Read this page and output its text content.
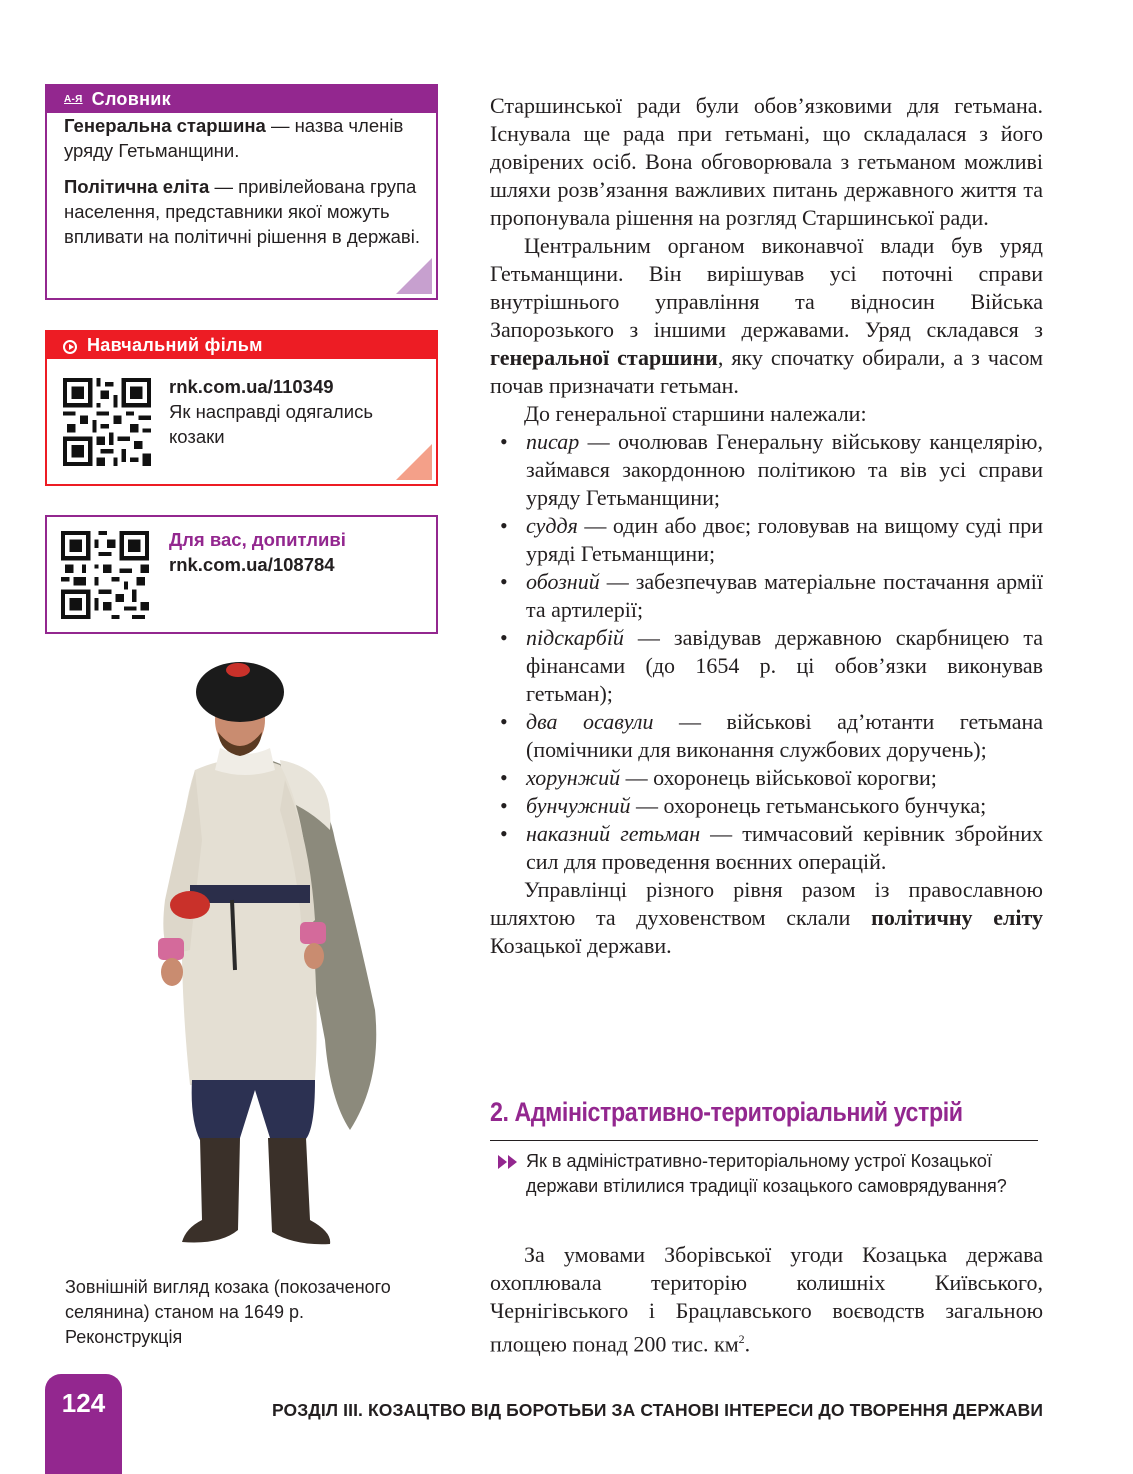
А-Я Словник
Генеральна старшина — назва членів уряду Гетьманщини.
Політична еліта — привілейована група населення, представники якої можуть впливати на політичні рішення в державі.
Навчальний фільм
rnk.com.ua/110349
Як насправді одягались козаки
Для вас, допитливі
rnk.com.ua/108784
Зовнішній вигляд козака (покозаченого селянина) станом на 1649 р. Реконструкція

Старшинської ради були обов’язковими для гетьмана. Існувала ще рада при гетьмані, що складалася з його довірених осіб. Вона обговорювала з гетьманом можливі шляхи розв’язання важливих питань державного життя та пропонувала рішення на розгляд Старшинської ради.

Центральним органом виконавчої влади був уряд Гетьманщини. Він вирішував усі поточні справи внутрішнього управління та відносин Війська Запорозького з іншими державами. Уряд складався з генеральної старшини, яку спочатку обирали, а з часом почав призначати гетьман.

До генеральної старшини належали:

• писар — очолював Генеральну військову канцелярію, займався закордонною політикою та вів усі справи уряду Гетьманщини;
• суддя — один або двоє; головував на вищому суді при уряді Гетьманщини;
• обозний — забезпечував матеріальне постачання армії та артилерії;
• підскарбій — завідував державною скарбницею та фінансами (до 1654 р. ці обов’язки виконував гетьман);
• два осавули — військові ад’ютанти гетьмана (помічники для виконання службових доручень);
• хорунжий — охоронець військової корогви;
• бунчужний — охоронець гетьманського бунчука;
• наказний гетьман — тимчасовий керівник збройних сил для проведення воєнних операцій.

Управлінці різного рівня разом із православною шляхтою та духовенством склали політичну еліту Козацької держави.

2. Адміністративно-територіальний устрій
Як в адміністративно-територіальному устрої Козацької держави втілилися традиції козацького самоврядування?

За умовами Зборівської угоди Козацька держава охоплювала територію колишніх Київського, Чернігівського і Брацлавського воєводств загальною площею понад 200 тис. $км^2$.

124	РОЗДІЛ ІІІ. КОЗАЦТВО ВІД БОРОТЬБИ ЗА СТАНОВІ ІНТЕРЕСИ ДО ТВОРЕННЯ ДЕРЖАВИ
